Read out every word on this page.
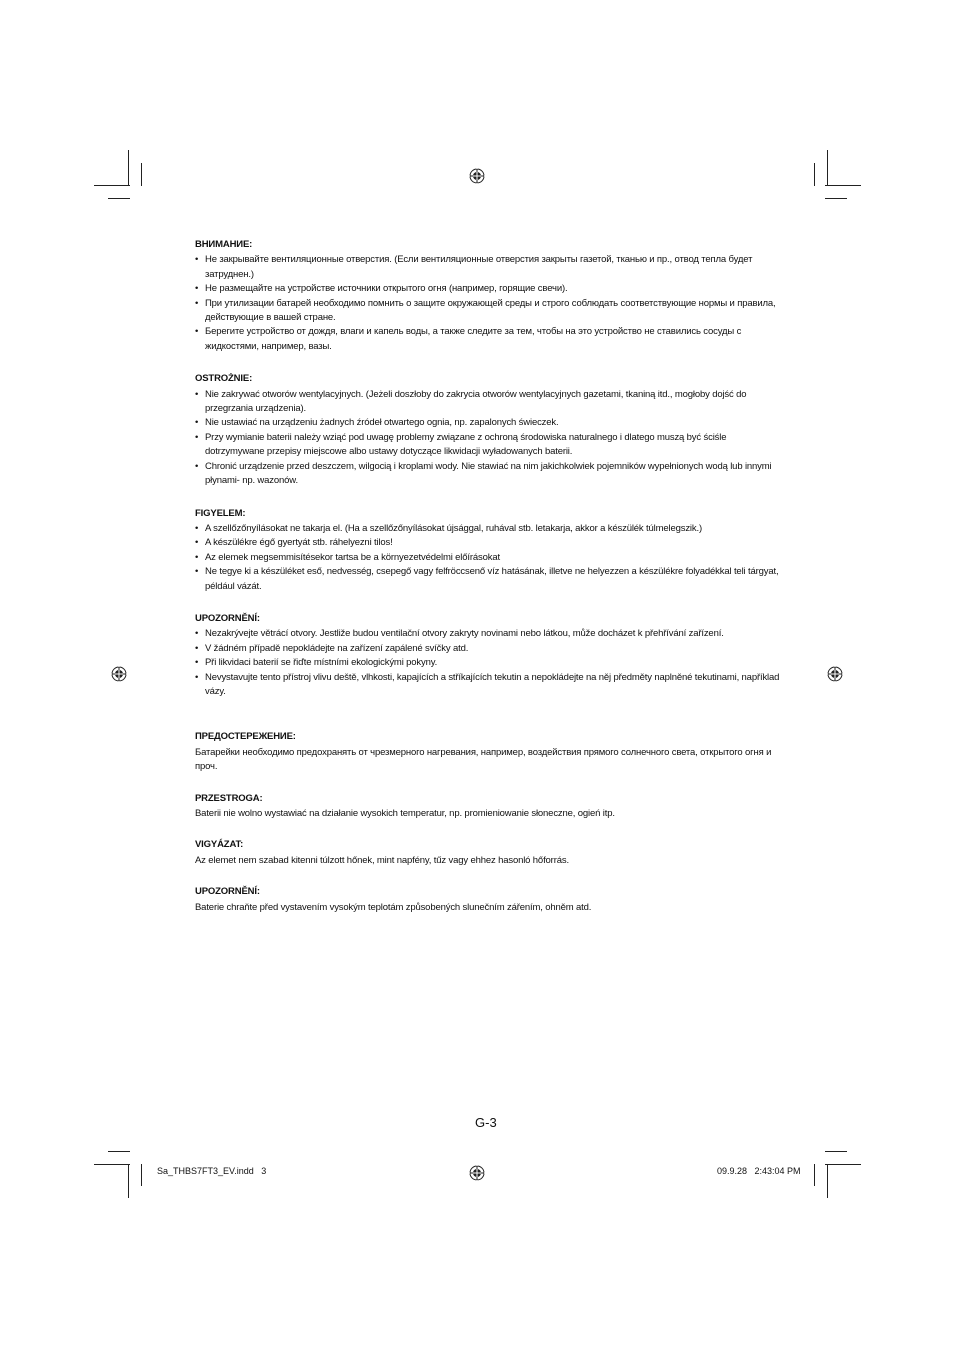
ВНИМАНИЕ:
• Не закрывайте вентиляционные отверстия. (Если вентиляционные отверстия закрыты газетой, тканью и пр., отвод тепла будет затруднен.)
• Не размещайте на устройстве источники открытого огня (например, горящие свечи).
• При утилизации батарей необходимо помнить о защите окружающей среды и строго соблюдать соответствующие нормы и правила, действующие в вашей стране.
• Берегите устройство от дождя, влаги и капель воды, а также следите за тем, чтобы на это устройство не ставились сосуды с жидкостями, например, вазы.
OSTROŻNIE:
• Nie zakrywać otworów wentylacyjnych. (Jeżeli doszłoby do zakrycia otworów wentylacyjnych gazetami, tkaniną itd., mogłoby dojść do przegrzania urządzenia).
• Nie ustawiać na urządzeniu żadnych źródeł otwartego ognia, np. zapalonych świeczek.
• Przy wymianie baterii należy wziąć pod uwagę problemy związane z ochroną środowiska naturalnego i dlatego muszą być ściśle dotrzymywane przepisy miejscowe albo ustawy dotyczące likwidacji wyładowanych baterii.
• Chronić urządzenie przed deszczem, wilgocią i kroplami wody. Nie stawiać na nim jakichkolwiek pojemników wypełnionych wodą lub innymi płynami- np. wazonów.
FIGYELEM:
• A szellőzőnyílásokat ne takarja el. (Ha a szellőzőnyílásokat újsággal, ruhával stb. letakarja, akkor a készülék túlmelegszik.)
• A készülékre égő gyertyát stb. ráhelyezni tilos!
• Az elemek megsemmisítésekor tartsa be a környezetvédelmi előírásokat
• Ne tegye ki a készüléket eső, nedvesség, csepegő vagy felfröccsenő víz hatásának, illetve ne helyezzen a készülékre folyadékkal teli tárgyat, például vázát.
UPOZORNĚNÍ:
• Nezakrývejte větrácí otvory. Jestliže budou ventilační otvory zakryty novinami nebo látkou, může docházet k přehřívání zařízení.
• V žádném případě nepokládejte na zařízení zapálené svíčky atd.
• Při likvidaci baterií se řiďte místními ekologickými pokyny.
• Nevystavujte tento přístroj vlivu deště, vlhkosti, kapajících a stříkajících tekutin a nepokládejte na něj předměty naplněné tekutinami, například vázy.
ПРЕДОСТЕРЕЖЕНИЕ:

Батарейки необходимо предохранять от чрезмерного нагревания, например, воздействия прямого солнечного света, открытого огня и проч.

PRZESTROGA:

Baterii nie wolno wystawiać na działanie wysokich temperatur, np. promieniowanie słoneczne, ogień itp.

VIGYÁZAT:

Az elemet nem szabad kitenni túlzott hőnek, mint napfény, tűz vagy ehhez hasonló hőforrás.

UPOZORNĚNÍ:

Baterie chraňte před vystavením vysokým teplotám způsobených slunečním zářením, ohněm atd.

G-3
Sa_THBS7FT3_EV.indd   3	09.9.28   2:43:04 PM
